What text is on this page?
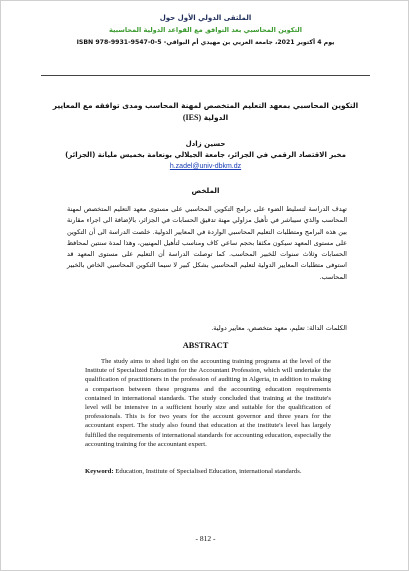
الملتقى الدولي الأول حول
التكوين المحاسبي بعد التوافق مع القواعد الدولية المحاسبية
يوم 4 أكتوبر 2021، جامعة العربي بن مهيدي أم البواقي- ISBN 978-9931-9547-0-5
التكوين المحاسبي بمعهد التعليم المتخصص لمهنة المحاسب ومدى توافقه مع المعايير
الدولية (IES)
حسين زادل
مخبر الاقتصاد الرقمي في الجزائر، جامعة الجيلالي بونعامة بخميس مليانة (الجزائر)
h.zadel@univ-dbkm.dz
الملخص
تهدف الدراسة لتسليط الضوء على برامج التكوين المحاسبي على مستوى معهد التعليم المتخصص لمهنة المحاسب والذي سيباشر في تأهيل مزاولي مهنة تدقيق الحسابات في الجزائر، بالإضافة الى اجراء مقارنة بين هذه البرامج ومتطلبات التعليم المحاسبي الواردة في المعايير الدولية. خلصت الدراسة الى أن التكوين على مستوى المعهد سيكون مكثفا بحجم ساعي كاف ومناسب لتأهيل المهنيين، وهذا لمدة سنتين لمحافظ الحسابات وثلاث سنوات للخبير المحاسب. كما توصلت الدراسة أن التعليم على مستوى المعهد قد استوفى متطلبات المعايير الدولية لتعليم المحاسبي بشكل كبير لا سيما التكوين المحاسبي الخاص بالخبير المحاسب.
الكلمات الدالة: تعليم، معهد متخصص، معايير دولية.
ABSTRACT
The study aims to shed light on the accounting training programs at the level of the Institute of Specialized Education for the Accountant Profession, which will undertake the qualification of practitioners in the profession of auditing in Algeria, in addition to making a comparison between these programs and the accounting education requirements contained in international standards. The study concluded that training at the institute's level will be intensive in a sufficient hourly size and suitable for the qualification of professionals. This is for two years for the account governor and three years for the accountant expert. The study also found that education at the institute's level has largely fulfilled the requirements of international standards for accounting education, especially the accounting training for the accountant expert.
Keyword: Education, Institute of Specialised Education, international standards.
- 812 -
